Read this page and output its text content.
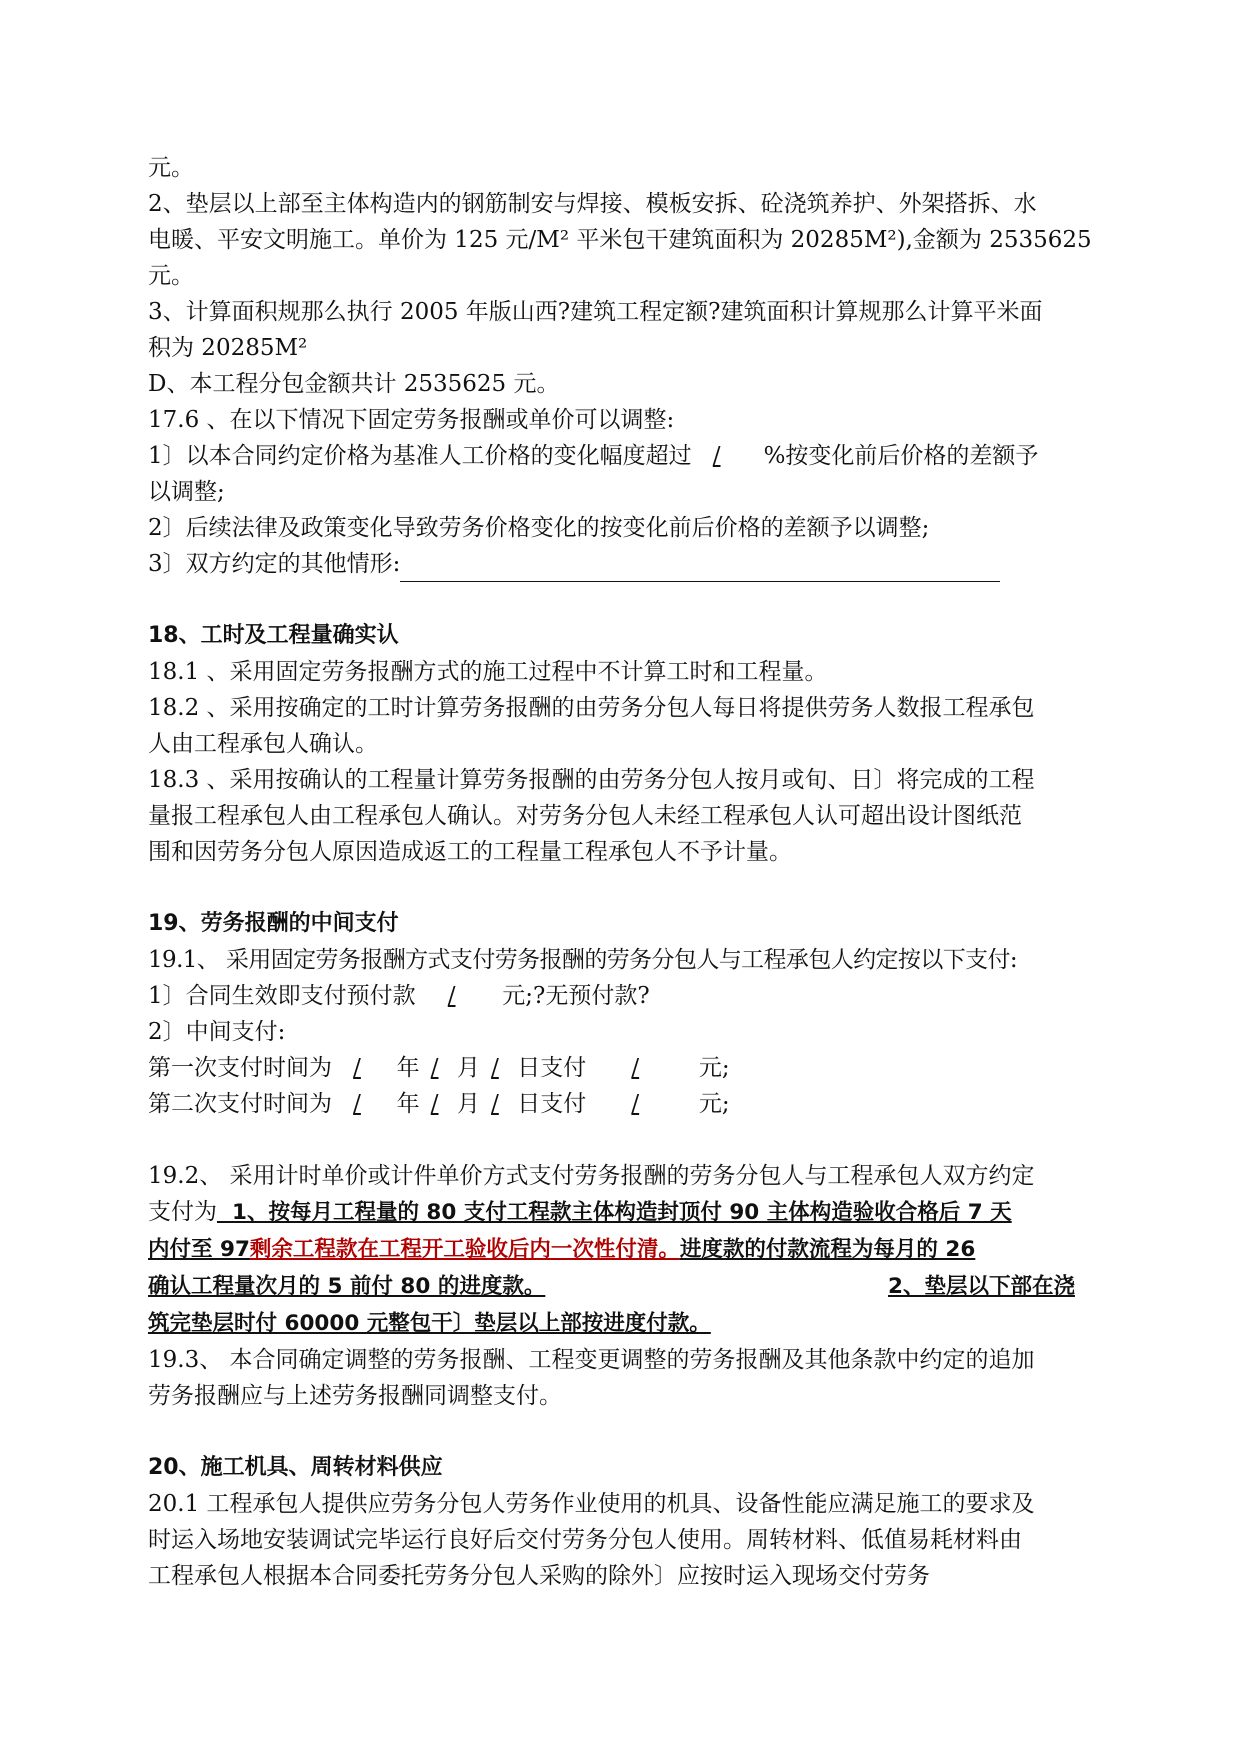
元。

2、垫层以上部至主体构造内的钢筋制安与焊接、模板安拆、砼浇筑养护、外架搭拆、水

电暖、平安文明施工。单价为 125 元/M² 平米包干建筑面积为 20285M²),金额为 2535625

元。

3、计算面积规那么执行 2005 年版山西?建筑工程定额?建筑面积计算规那么计算平米面

积为 20285M²

D、本工程分包金额共计 2535625 元。

17.6 、在以下情况下固定劳务报酬或单价可以调整:

1〕以本合同约定价格为基准人工价格的变化幅度超过 / %按变化前后价格的差额予

以调整;

2〕后续法律及政策变化导致劳务价格变化的按变化前后价格的差额予以调整;

3〕双方约定的其他情形:

18、工时及工程量确实认

18.1 、采用固定劳务报酬方式的施工过程中不计算工时和工程量。

18.2 、采用按确定的工时计算劳务报酬的由劳务分包人每日将提供劳务人数报工程承包

人由工程承包人确认。

18.3 、采用按确认的工程量计算劳务报酬的由劳务分包人按月或旬、日〕将完成的工程

量报工程承包人由工程承包人确认。对劳务分包人未经工程承包人认可超出设计图纸范

围和因劳务分包人原因造成返工的工程量工程承包人不予计量。

19、劳务报酬的中间支付

19.1、 采用固定劳务报酬方式支付劳务报酬的劳务分包人与工程承包人约定按以下支付:

1〕合同生效即支付预付款 / 元;?无预付款?

2〕中间支付:

第一次支付时间为 / 年 / 月 / 日支付 /	元;

第二次支付时间为 / 年 / 月 / 日支付 /	元;

19.2、 采用计时单价或计件单价方式支付劳务报酬的劳务分包人与工程承包人双方约定

支付为 1、按每月工程量的 80 支付工程款主体构造封顶付 90 主体构造验收合格后 7 天

内付至 97剩余工程款在工程开工验收后内一次性付清。进度款的付款流程为每月的 26

确认工程量次月的 5 前付 80 的进度款。	2、垫层以下部在浇

筑完垫层时付 60000 元整包干〕垫层以上部按进度付款。

19.3、 本合同确定调整的劳务报酬、工程变更调整的劳务报酬及其他条款中约定的追加

劳务报酬应与上述劳务报酬同调整支付。

20、施工机具、周转材料供应

20.1 工程承包人提供应劳务分包人劳务作业使用的机具、设备性能应满足施工的要求及

时运入场地安装调试完毕运行良好后交付劳务分包人使用。周转材料、低值易耗材料由

工程承包人根据本合同委托劳务分包人采购的除外〕应按时运入现场交付劳务
